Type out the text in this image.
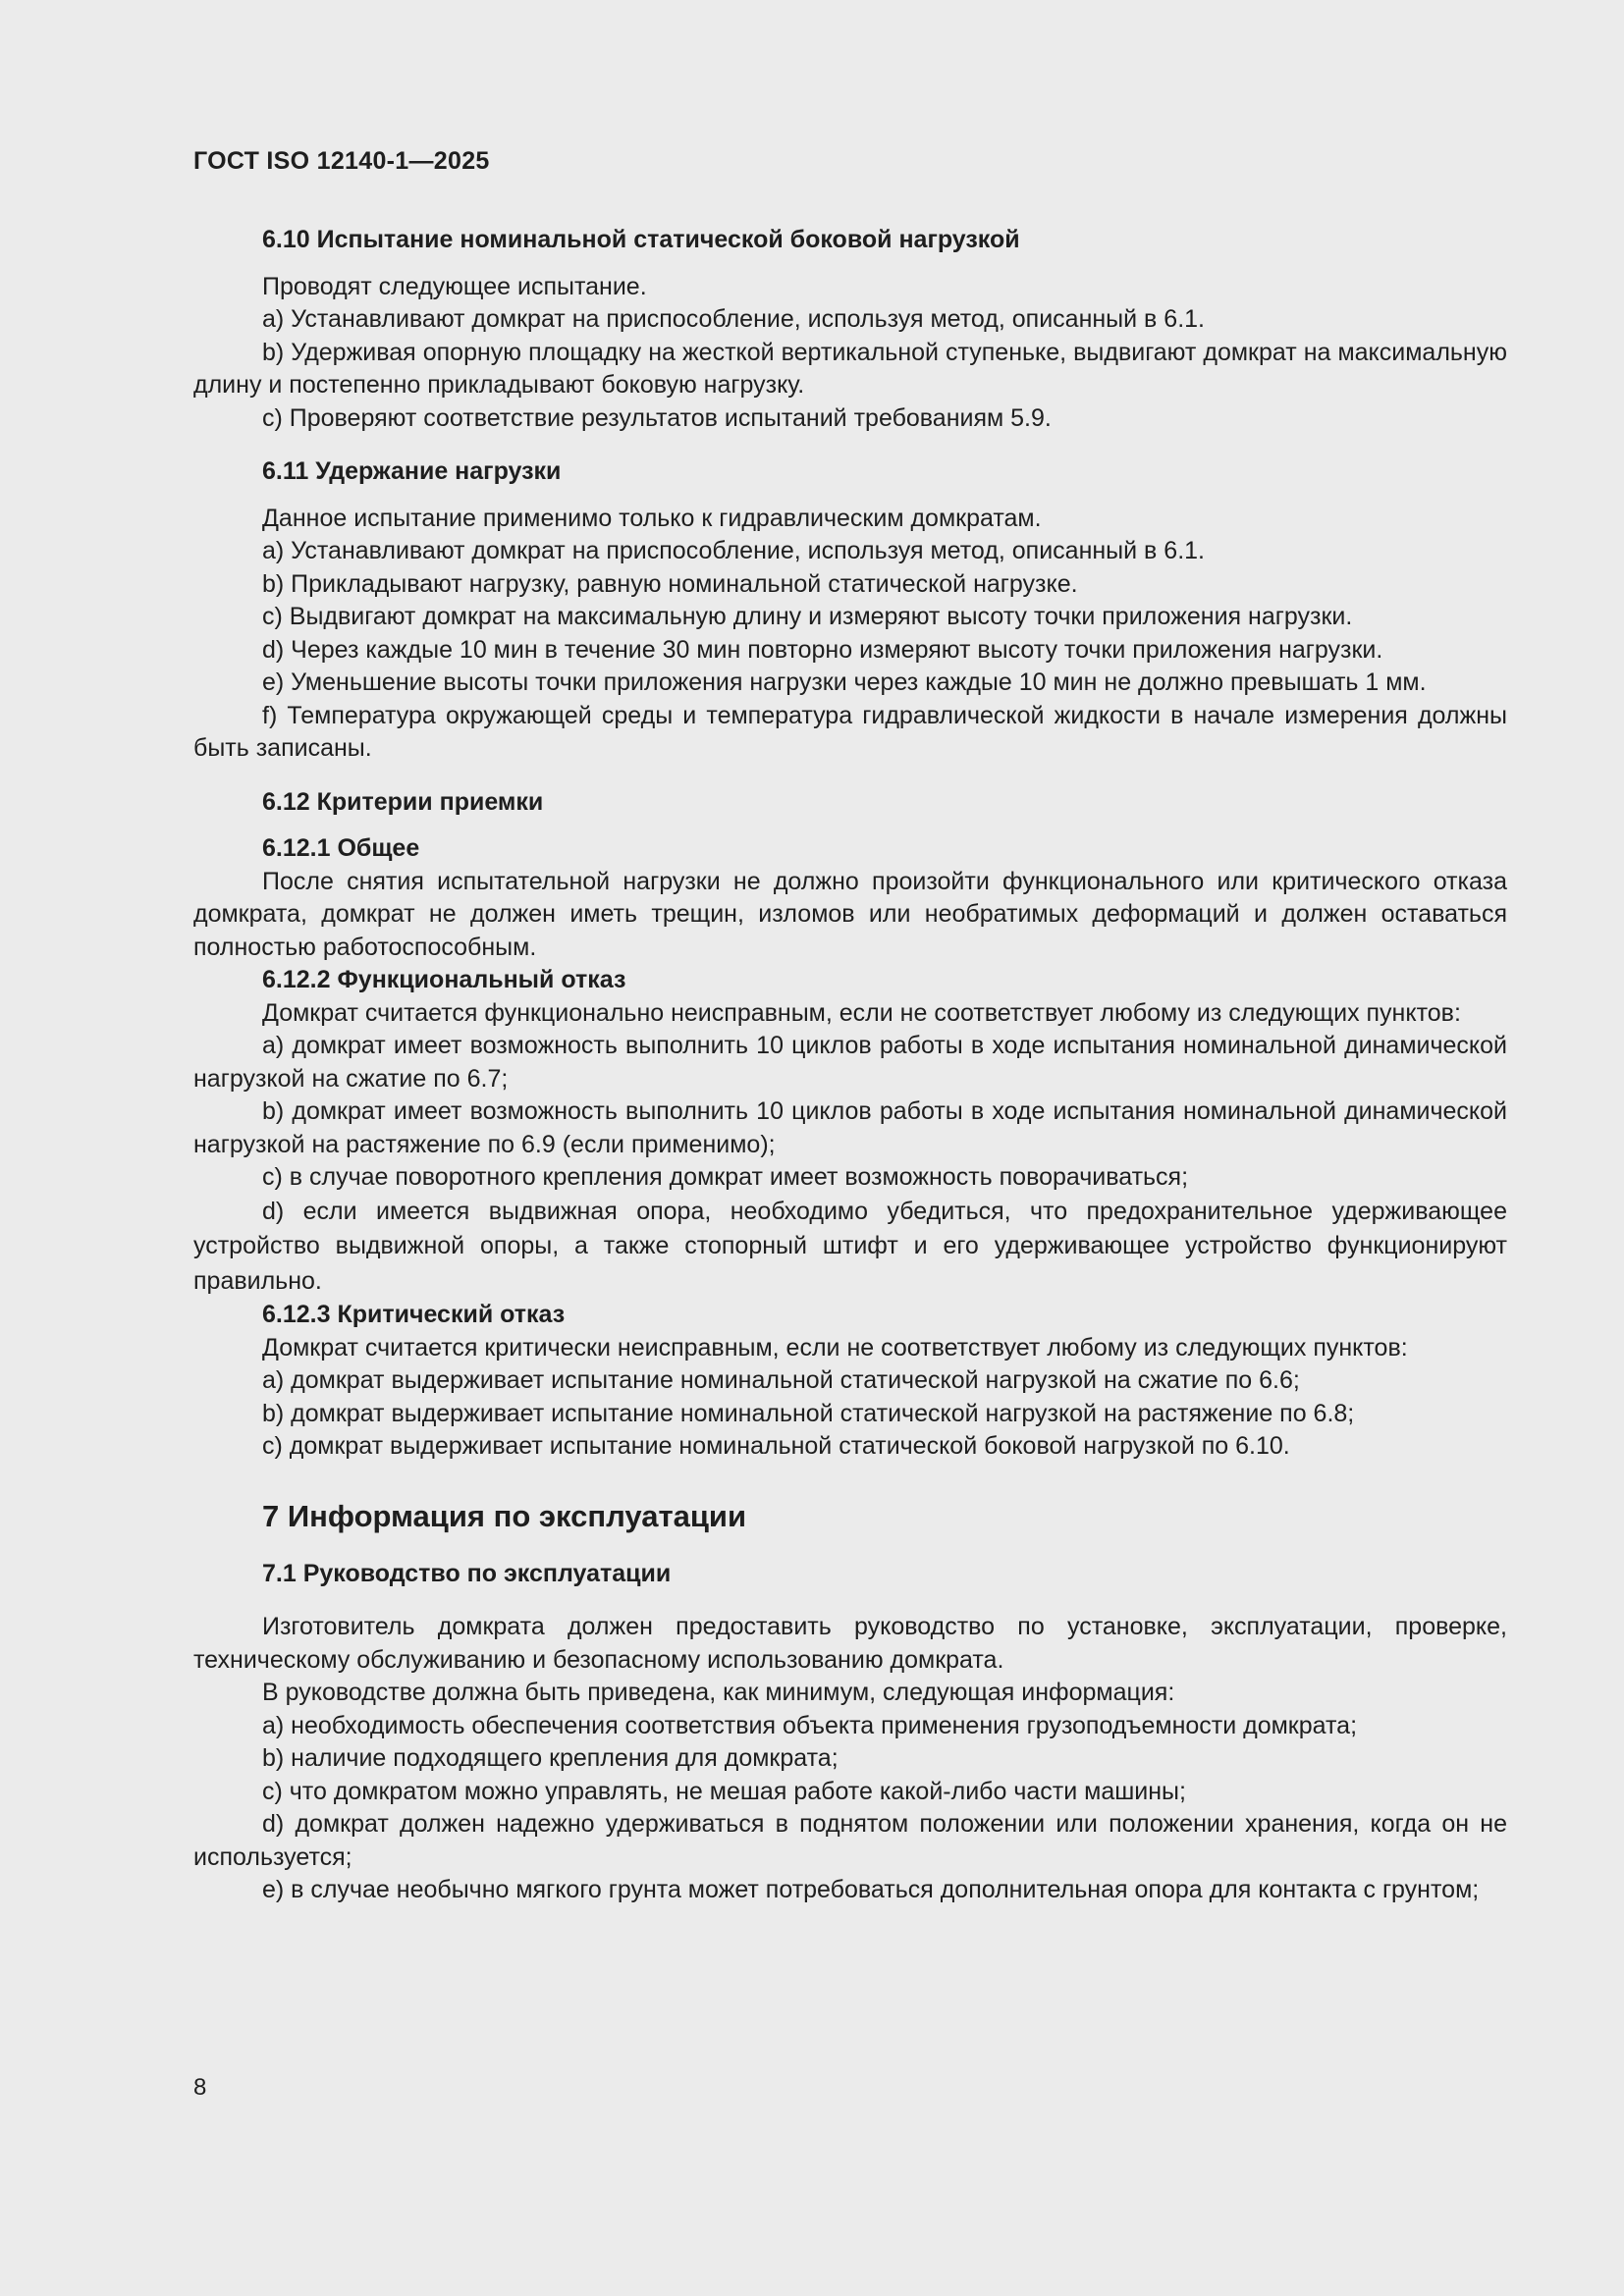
ГОСТ ISO 12140-1—2025

6.10 Испытание номинальной статической боковой нагрузкой

Проводят следующее испытание.

a) Устанавливают домкрат на приспособление, используя метод, описанный в 6.1.

b) Удерживая опорную площадку на жесткой вертикальной ступеньке, выдвигают домкрат на максимальную длину и постепенно прикладывают боковую нагрузку.

c) Проверяют соответствие результатов испытаний требованиям 5.9.

6.11 Удержание нагрузки

Данное испытание применимо только к гидравлическим домкратам.

a) Устанавливают домкрат на приспособление, используя метод, описанный в 6.1.

b) Прикладывают нагрузку, равную номинальной статической нагрузке.

c) Выдвигают домкрат на максимальную длину и измеряют высоту точки приложения нагрузки.

d) Через каждые 10 мин в течение 30 мин повторно измеряют высоту точки приложения нагрузки.

e) Уменьшение высоты точки приложения нагрузки через каждые 10 мин не должно превышать 1 мм.

f) Температура окружающей среды и температура гидравлической жидкости в начале измерения должны быть записаны.

6.12 Критерии приемки

6.12.1 Общее

После снятия испытательной нагрузки не должно произойти функционального или критического отказа домкрата, домкрат не должен иметь трещин, изломов или необратимых деформаций и должен оставаться полностью работоспособным.

6.12.2 Функциональный отказ

Домкрат считается функционально неисправным, если не соответствует любому из следующих пунктов:

a) домкрат имеет возможность выполнить 10 циклов работы в ходе испытания номинальной динамической нагрузкой на сжатие по 6.7;

b) домкрат имеет возможность выполнить 10 циклов работы в ходе испытания номинальной динамической нагрузкой на растяжение по 6.9 (если применимо);

c) в случае поворотного крепления домкрат имеет возможность поворачиваться;

d) если имеется выдвижная опора, необходимо убедиться, что предохранительное удерживающее устройство выдвижной опоры, а также стопорный штифт и его удерживающее устройство функционируют правильно.

6.12.3 Критический отказ

Домкрат считается критически неисправным, если не соответствует любому из следующих пунктов:

a) домкрат выдерживает испытание номинальной статической нагрузкой на сжатие по 6.6;

b) домкрат выдерживает испытание номинальной статической нагрузкой на растяжение по 6.8;

c) домкрат выдерживает испытание номинальной статической боковой нагрузкой по 6.10.

7 Информация по эксплуатации

7.1 Руководство по эксплуатации

Изготовитель домкрата должен предоставить руководство по установке, эксплуатации, проверке, техническому обслуживанию и безопасному использованию домкрата.

В руководстве должна быть приведена, как минимум, следующая информация:

a) необходимость обеспечения соответствия объекта применения грузоподъемности домкрата;

b) наличие подходящего крепления для домкрата;

c) что домкратом можно управлять, не мешая работе какой-либо части машины;

d) домкрат должен надежно удерживаться в поднятом положении или положении хранения, когда он не используется;

e) в случае необычно мягкого грунта может потребоваться дополнительная опора для контакта с грунтом;

8
